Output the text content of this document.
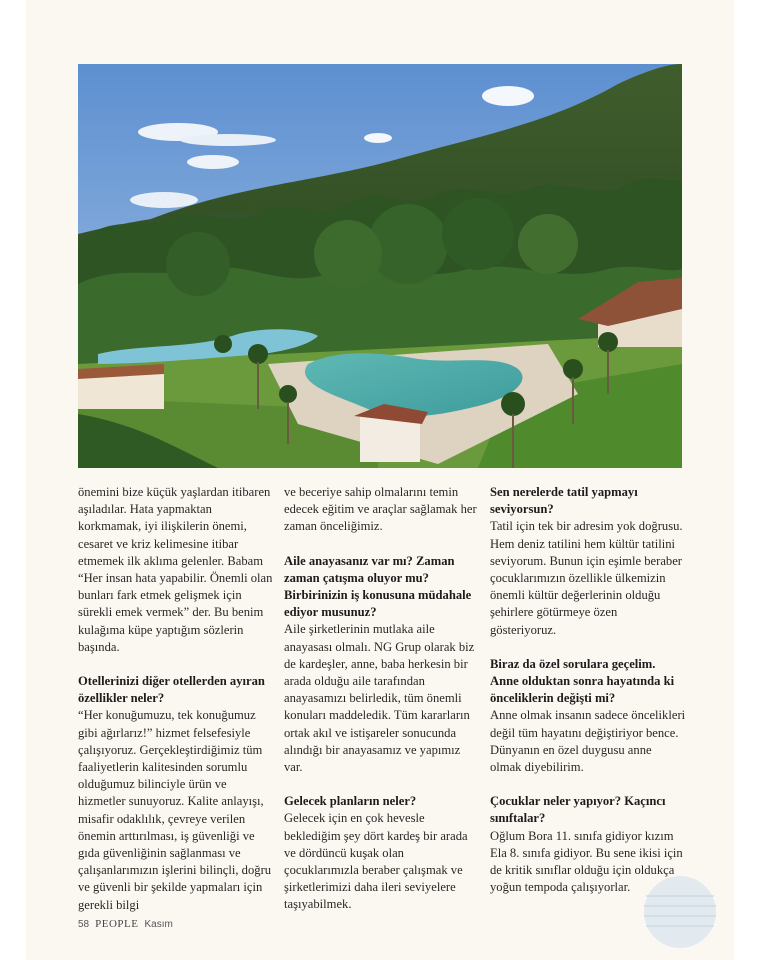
önemini bize küçük yaşlardan itibaren aşıladılar. Hata yapmaktan korkmamak, iyi ilişkilerin önemi, cesaret ve kriz kelimesine itibar etmemek ilk aklıma gelenler. Babam “Her insan hata yapabilir. Önemli olan bunları fark etmek gelişmek için sürekli emek vermek” der. Bu benim kulağıma küpe yaptığım sözlerin başında.

Otellerinizi diğer otellerden ayıran özellikler neler?
“Her konuğumuzu, tek konuğumuz gibi ağırlarız!” hizmet felsefesiyle çalışıyoruz. Gerçekleştirdiğimiz tüm faaliyetlerin kalitesinden sorumlu olduğumuz bilinciyle ürün ve hizmetler sunuyoruz. Kalite anlayışı, misafir odaklılık, çevreye verilen önemin arttırılması, iş güvenliği ve gıda güvenliğinin sağlanması ve çalışanlarımızın işlerini bilinçli, doğru ve güvenli bir şekilde yapmaları için gerekli bilgi

ve beceriye sahip olmalarını temin edecek eğitim ve araçlar sağlamak her zaman önceliğimiz.

Aile anayasanız var mı? Zaman zaman çatışma oluyor mu? Birbirinizin iş konusuna müdahale ediyor musunuz?
Aile şirketlerinin mutlaka aile anayasası olmalı. NG Grup olarak biz de kardeşler, anne, baba herkesin bir arada olduğu aile tarafından anayasamızı belirledik, tüm önemli konuları maddeledik. Tüm kararların ortak akıl ve istişareler sonucunda alındığı bir anayasamız ve yapımız var.

Gelecek planların neler?
Gelecek için en çok hevesle beklediğim şey dört kardeş bir arada ve dördüncü kuşak olan çocuklarımızla beraber çalışmak ve şirketlerimizi daha ileri seviyelere taşıyabilmek.

Sen nerelerde tatil yapmayı seviyorsun?
Tatil için tek bir adresim yok doğrusu. Hem deniz tatilini hem kültür tatilini seviyorum. Bunun için eşimle beraber çocuklarımızın özellikle ülkemizin önemli kültür değerlerinin olduğu şehirlere götürmeye özen gösteriyoruz.

Biraz da özel sorulara geçelim. Anne olduktan sonra hayatında ki önceliklerin değişti mi?
Anne olmak insanın sadece öncelikleri değil tüm hayatını değiştiriyor bence. Dünyanın en özel duygusu anne olmak diyebilirim.

Çocuklar neler yapıyor? Kaçıncı sınıftalar?
Oğlum Bora 11. sınıfa gidiyor kızım Ela 8. sınıfa gidiyor. Bu sene ikisi için de kritik sınıflar olduğu için oldukça yoğun tempoda çalışıyorlar.

58 PEOPLE Kasım
